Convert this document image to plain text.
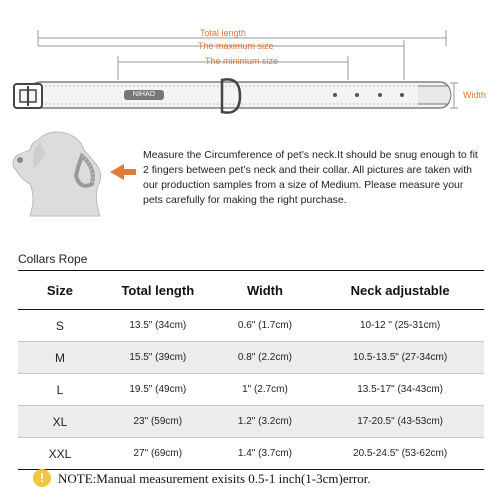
NIHAO
Total length
The maximum size
The minimum size
Width
Measure the Circumference of pet’s neck.It should be snug enough to fit 2 fingers between pet’s neck and their collar. All pictures are taken with our production samples from a size of Medium. Please measure your pets carefully for making the right purchase.
Collars Rope
Size	Total length	Width	Neck adjustable
S	13.5" (34cm)	0.6" (1.7cm)	10-12 " (25-31cm)
M	15.5" (39cm)	0.8" (2.2cm)	10.5-13.5" (27-34cm)
L	19.5" (49cm)	1" (2.7cm)	13.5-17" (34-43cm)
XL	23" (59cm)	1.2" (3.2cm)	17-20.5" (43-53cm)
XXL	27" (69cm)	1.4" (3.7cm)	20.5-24.5" (53-62cm)
!	NOTE:Manual measurement exisits 0.5-1 inch(1-3cm)error.
